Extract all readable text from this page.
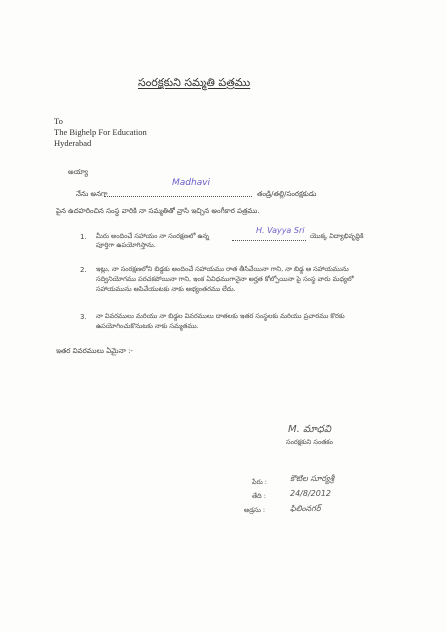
సంరక్షకుని సమ్మతి పత్రము
To
The Bighelp For Education
Hyderabad
అయ్యా
నేను అనగా
Madhavi
తండ్రి/తల్లి/సంరక్షకుడు
పైన ఉదహరించిన సంస్థ వారికి నా సమ్మతితో వ్రాసి ఇచ్చిన అంగీకార పత్రము.
1. మీరు అందించే సహాయం నా సంరక్షణలో ఉన్న
H. Vayya Sri
యొక్క విద్యాభివృద్ధికి
పూర్తిగా ఉపయోగిస్తాను.
2. ఇట్లు, నా సంరక్షణలోని బిడ్డకు అందించే సహాయము రాత తీసివేయినా గాని, నా బిడ్డ ఆ సహాయమును
సద్వినియోగము పరచకపోయినా గాని, ఇంక ఏవిధముగానైనా అర్హత కోల్పోయినా పై సంస్థ వారు మధ్యలో
సహాయమును ఆపివేయుటకు నాకు అభ్యంతరము లేదు.
3. నా వివరములు మరియు నా బిడ్డల వివరములు దాతలకు ఇతర సంస్థలకు మరియు ప్రచారము కొరకు
ఉపయోగించుకొనుటకు నాకు సమ్మతము.
ఇతర వివరములు ఏమైనా :-
M. మాధవి
సంరక్షకుని సంతకం
పేరు :	కౌటిల సూర్యశ్రీ
తేది :	24/8/2012
అడ్రసు :	ఫిలింనగర్
